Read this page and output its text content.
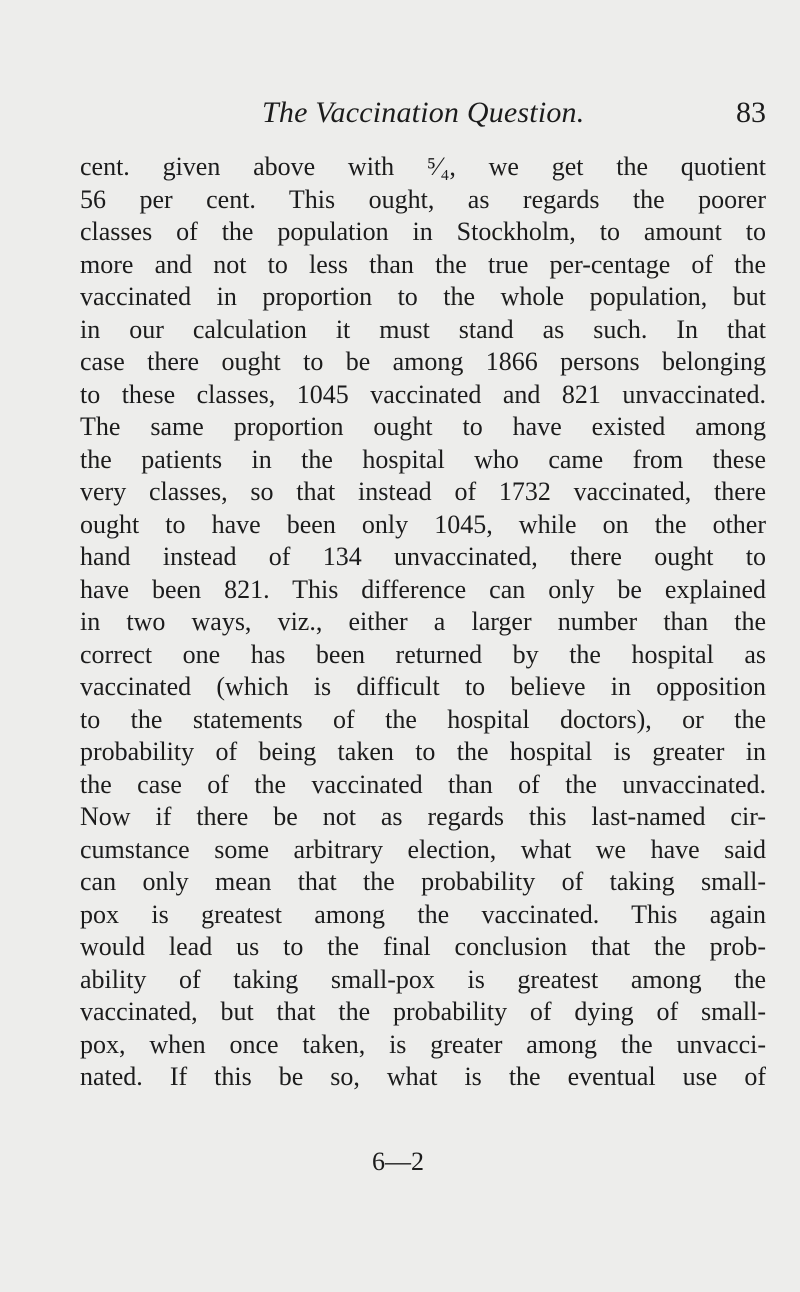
The Vaccination Question.	83
cent. given above with ⁵⁄₄, we get the quotient
56 per cent. This ought, as regards the poorer
classes of the population in Stockholm, to amount to
more and not to less than the true per-centage of the
vaccinated in proportion to the whole population, but
in our calculation it must stand as such. In that
case there ought to be among 1866 persons belonging
to these classes, 1045 vaccinated and 821 unvaccinated.
The same proportion ought to have existed among
the patients in the hospital who came from these
very classes, so that instead of 1732 vaccinated, there
ought to have been only 1045, while on the other
hand instead of 134 unvaccinated, there ought to
have been 821. This difference can only be explained
in two ways, viz., either a larger number than the
correct one has been returned by the hospital as
vaccinated (which is difficult to believe in opposition
to the statements of the hospital doctors), or the
probability of being taken to the hospital is greater in
the case of the vaccinated than of the unvaccinated.
Now if there be not as regards this last-named cir-
cumstance some arbitrary election, what we have said
can only mean that the probability of taking small-
pox is greatest among the vaccinated. This again
would lead us to the final conclusion that the prob-
ability of taking small-pox is greatest among the
vaccinated, but that the probability of dying of small-
pox, when once taken, is greater among the unvacci-
nated. If this be so, what is the eventual use of
6—2
